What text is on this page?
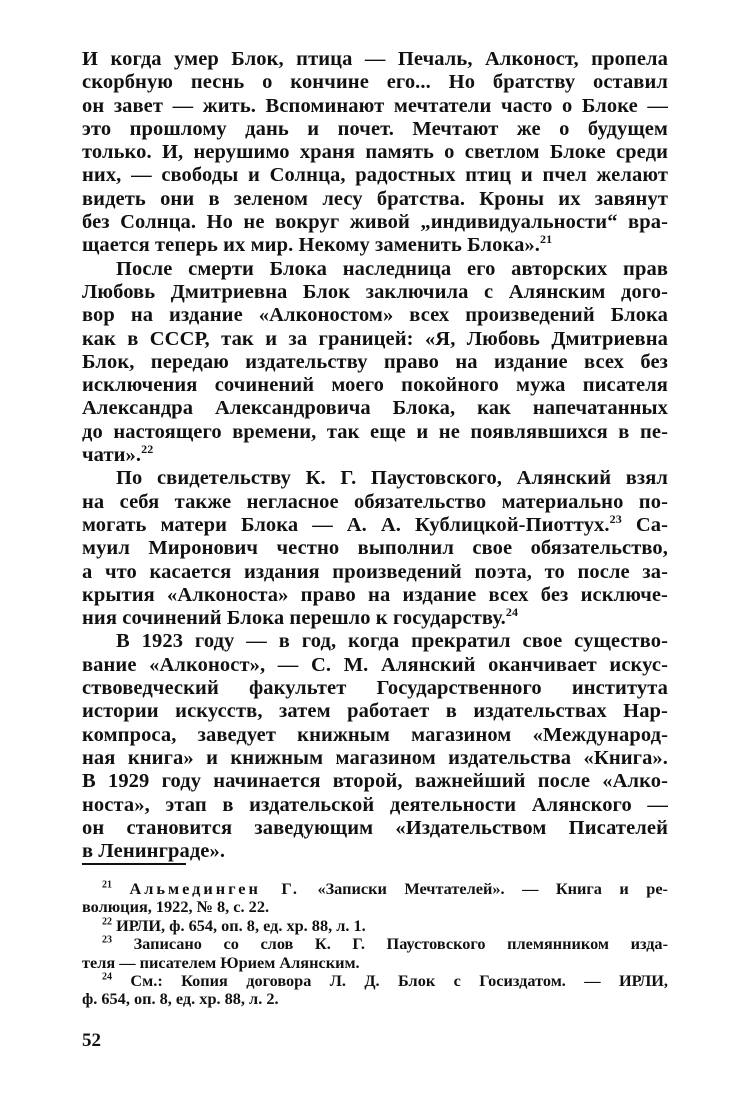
И когда умер Блок, птица — Печаль, Алконост, пропела
скорбную песнь о кончине его... Но братству оставил
он завет — жить. Вспоминают мечтатели часто о Блоке —
это прошлому дань и почет. Мечтают же о будущем
только. И, нерушимо храня память о светлом Блоке среди
них, — свободы и Солнца, радостных птиц и пчел желают
видеть они в зеленом лесу братства. Кроны их завянут
без Солнца. Но не вокруг живой „индивидуальности“ вра-
щается теперь их мир. Некому заменить Блока».$^{21}$
После смерти Блока наследница его авторских прав
Любовь Дмитриевна Блок заключила с Алянским дого-
вор на издание «Алконостом» всех произведений Блока
как в СССР, так и за границей: «Я, Любовь Дмитриевна
Блок, передаю издательству право на издание всех без
исключения сочинений моего покойного мужа писателя
Александра Александровича Блока, как напечатанных
до настоящего времени, так еще и не появлявшихся в пе-
чати».$^{22}$
По свидетельству К. Г. Паустовского, Алянский взял
на себя также негласное обязательство материально по-
могать матери Блока — А. А. Кублицкой-Пиоттух.$^{23}$ Са-
муил Миронович честно выполнил свое обязательство,
а что касается издания произведений поэта, то после за-
крытия «Алконоста» право на издание всех без исключе-
ния сочинений Блока перешло к государству.$^{24}$
В 1923 году — в год, когда прекратил свое существо-
вание «Алконост», — С. М. Алянский оканчивает искус-
ствоведческий факультет Государственного института
истории искусств, затем работает в издательствах Нар-
компроса, заведует книжным магазином «Международ-
ная книга» и книжным магазином издательства «Книга».
В 1929 году начинается второй, важнейший после «Алко-
носта», этап в издательской деятельности Алянского —
он становится заведующим «Издательством Писателей
в Ленинграде».
$^{21}$ Альмединген Г. «Записки Мечтателей». — Книга и ре-
волюция, 1922, № 8, с. 22.
$^{22}$ ИРЛИ, ф. 654, оп. 8, ед. хр. 88, л. 1.
$^{23}$ Записано со слов К. Г. Паустовского племянником изда-
теля — писателем Юрием Алянским.
$^{24}$ См.: Копия договора Л. Д. Блок с Госиздатом. — ИРЛИ,
ф. 654, оп. 8, ед. хр. 88, л. 2.
52
